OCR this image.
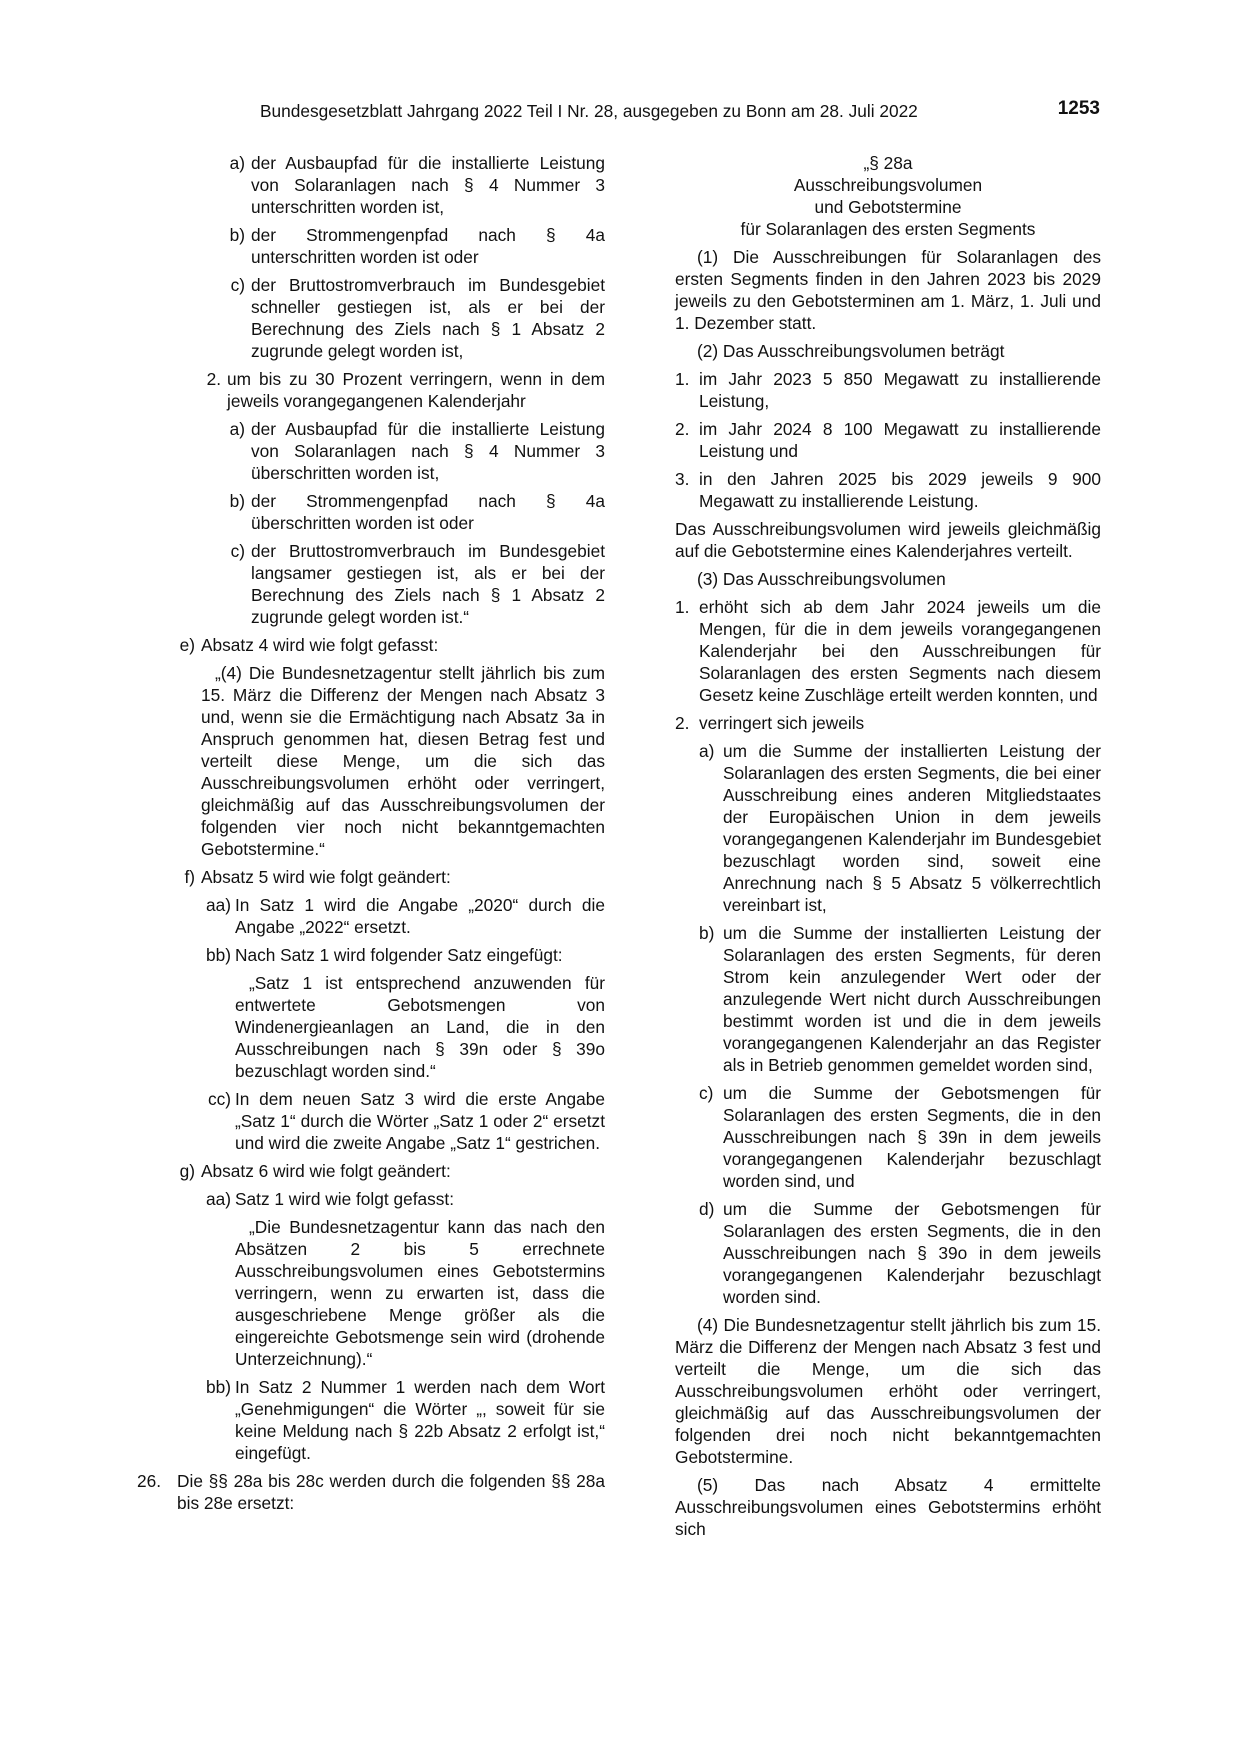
Bundesgesetzblatt Jahrgang 2022 Teil I Nr. 28, ausgegeben zu Bonn am 28. Juli 2022	1253
a) der Ausbaupfad für die installierte Leistung von Solaranlagen nach § 4 Nummer 3 unterschritten worden ist,
b) der Strommengenpfad nach § 4a unterschritten worden ist oder
c) der Bruttostromverbrauch im Bundesgebiet schneller gestiegen ist, als er bei der Berechnung des Ziels nach § 1 Absatz 2 zugrunde gelegt worden ist,
2. um bis zu 30 Prozent verringern, wenn in dem jeweils vorangegangenen Kalenderjahr
a) der Ausbaupfad für die installierte Leistung von Solaranlagen nach § 4 Nummer 3 überschritten worden ist,
b) der Strommengenpfad nach § 4a überschritten worden ist oder
c) der Bruttostromverbrauch im Bundesgebiet langsamer gestiegen ist, als er bei der Berechnung des Ziels nach § 1 Absatz 2 zugrunde gelegt worden ist.“
e) Absatz 4 wird wie folgt gefasst:
„(4) Die Bundesnetzagentur stellt jährlich bis zum 15. März die Differenz der Mengen nach Absatz 3 und, wenn sie die Ermächtigung nach Absatz 3a in Anspruch genommen hat, diesen Betrag fest und verteilt diese Menge, um die sich das Ausschreibungsvolumen erhöht oder verringert, gleichmäßig auf das Ausschreibungsvolumen der folgenden vier noch nicht bekanntgemachten Gebotstermine.“
f) Absatz 5 wird wie folgt geändert:
aa) In Satz 1 wird die Angabe „2020“ durch die Angabe „2022“ ersetzt.
bb) Nach Satz 1 wird folgender Satz eingefügt:
„Satz 1 ist entsprechend anzuwenden für entwertete Gebotsmengen von Windenergieanlagen an Land, die in den Ausschreibungen nach § 39n oder § 39o bezuschlagt worden sind.“
cc) In dem neuen Satz 3 wird die erste Angabe „Satz 1“ durch die Wörter „Satz 1 oder 2“ ersetzt und wird die zweite Angabe „Satz 1“ gestrichen.
g) Absatz 6 wird wie folgt geändert:
aa) Satz 1 wird wie folgt gefasst:
„Die Bundesnetzagentur kann das nach den Absätzen 2 bis 5 errechnete Ausschreibungsvolumen eines Gebotstermins verringern, wenn zu erwarten ist, dass die ausgeschriebene Menge größer als die eingereichte Gebotsmenge sein wird (drohende Unterzeichnung).“
bb) In Satz 2 Nummer 1 werden nach dem Wort „Genehmigungen“ die Wörter „, soweit für sie keine Meldung nach § 22b Absatz 2 erfolgt ist,“ eingefügt.
26. Die §§ 28a bis 28c werden durch die folgenden §§ 28a bis 28e ersetzt:
„§ 28a
Ausschreibungsvolumen
und Gebotstermine
für Solaranlagen des ersten Segments
(1) Die Ausschreibungen für Solaranlagen des ersten Segments finden in den Jahren 2023 bis 2029 jeweils zu den Gebotsterminen am 1. März, 1. Juli und 1. Dezember statt.
(2) Das Ausschreibungsvolumen beträgt
1. im Jahr 2023 5 850 Megawatt zu installierende Leistung,
2. im Jahr 2024 8 100 Megawatt zu installierende Leistung und
3. in den Jahren 2025 bis 2029 jeweils 9 900 Megawatt zu installierende Leistung.
Das Ausschreibungsvolumen wird jeweils gleichmäßig auf die Gebotstermine eines Kalenderjahres verteilt.
(3) Das Ausschreibungsvolumen
1. erhöht sich ab dem Jahr 2024 jeweils um die Mengen, für die in dem jeweils vorangegangenen Kalenderjahr bei den Ausschreibungen für Solaranlagen des ersten Segments nach diesem Gesetz keine Zuschläge erteilt werden konnten, und
2. verringert sich jeweils
a) um die Summe der installierten Leistung der Solaranlagen des ersten Segments, die bei einer Ausschreibung eines anderen Mitgliedstaates der Europäischen Union in dem jeweils vorangegangenen Kalenderjahr im Bundesgebiet bezuschlagt worden sind, soweit eine Anrechnung nach § 5 Absatz 5 völkerrechtlich vereinbart ist,
b) um die Summe der installierten Leistung der Solaranlagen des ersten Segments, für deren Strom kein anzulegender Wert oder der anzulegende Wert nicht durch Ausschreibungen bestimmt worden ist und die in dem jeweils vorangegangenen Kalenderjahr an das Register als in Betrieb genommen gemeldet worden sind,
c) um die Summe der Gebotsmengen für Solaranlagen des ersten Segments, die in den Ausschreibungen nach § 39n in dem jeweils vorangegangenen Kalenderjahr bezuschlagt worden sind, und
d) um die Summe der Gebotsmengen für Solaranlagen des ersten Segments, die in den Ausschreibungen nach § 39o in dem jeweils vorangegangenen Kalenderjahr bezuschlagt worden sind.
(4) Die Bundesnetzagentur stellt jährlich bis zum 15. März die Differenz der Mengen nach Absatz 3 fest und verteilt die Menge, um die sich das Ausschreibungsvolumen erhöht oder verringert, gleichmäßig auf das Ausschreibungsvolumen der folgenden drei noch nicht bekanntgemachten Gebotstermine.
(5) Das nach Absatz 4 ermittelte Ausschreibungsvolumen eines Gebotstermins erhöht sich
